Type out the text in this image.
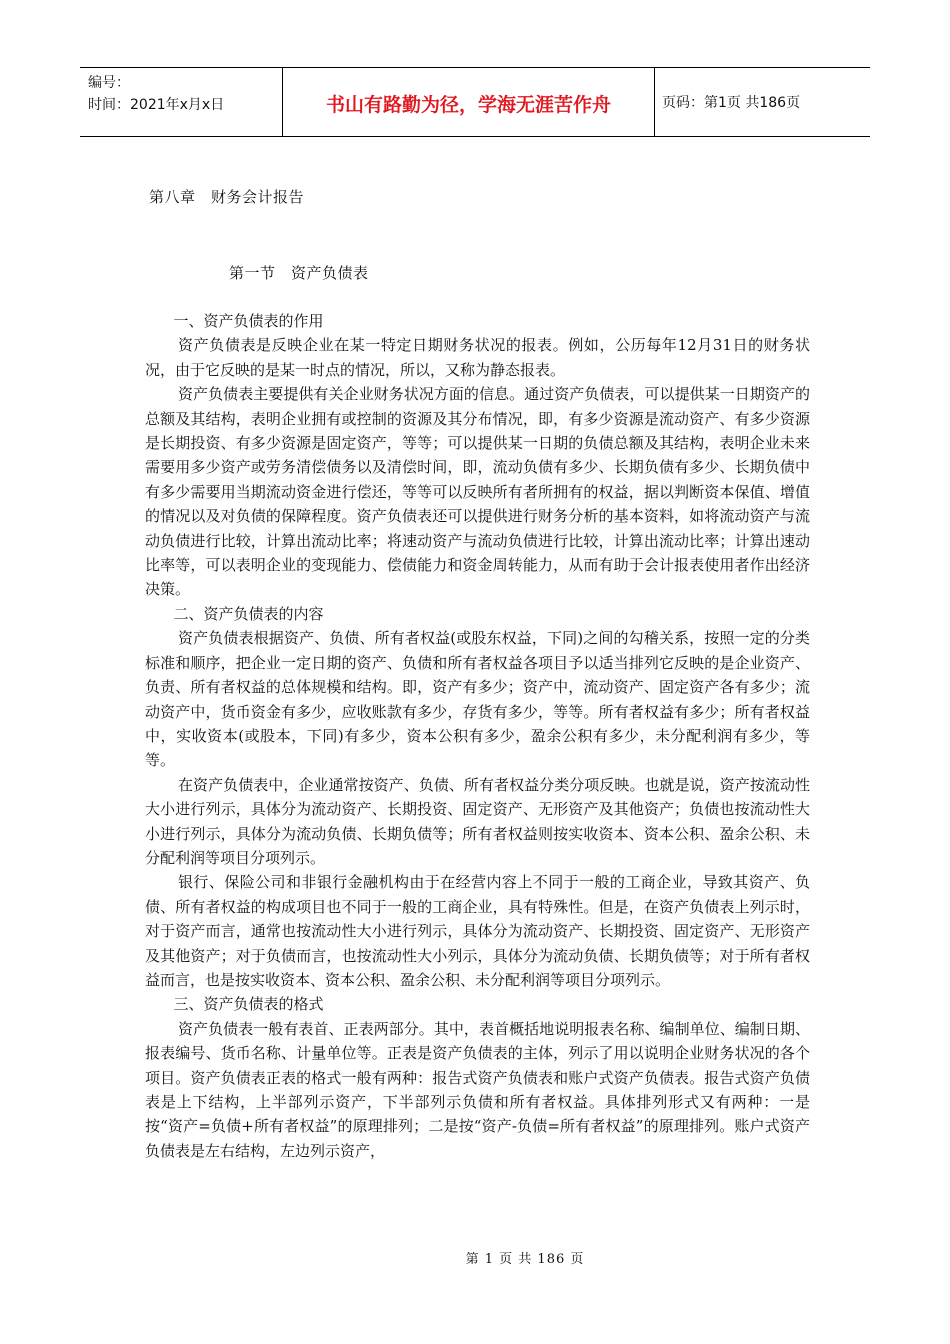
编号：
时间：2021年x月x日	书山有路勤为径，学海无涯苦作舟	页码：第1页 共186页
第八章　财务会计报告
第一节　资产负债表

一、资产负债表的作用

资产负债表是反映企业在某一特定日期财务状况的报表。例如，公历每年12月31日的财务状况，由于它反映的是某一时点的情况，所以，又称为静态报表。

资产负债表主要提供有关企业财务状况方面的信息。通过资产负债表，可以提供某一日期资产的总额及其结构，表明企业拥有或控制的资源及其分布情况，即，有多少资源是流动资产、有多少资源是长期投资、有多少资源是固定资产，等等；可以提供某一日期的负债总额及其结构，表明企业未来需要用多少资产或劳务清偿债务以及清偿时间，即，流动负债有多少、长期负债有多少、长期负债中有多少需要用当期流动资金进行偿还，等等可以反映所有者所拥有的权益，据以判断资本保值、增值的情况以及对负债的保障程度。资产负债表还可以提供进行财务分析的基本资料，如将流动资产与流动负债进行比较，计算出流动比率；将速动资产与流动负债进行比较，计算出流动比率；计算出速动比率等，可以表明企业的变现能力、偿债能力和资金周转能力，从而有助于会计报表使用者作出经济决策。

二、资产负债表的内容

资产负债表根据资产、负债、所有者权益(或股东权益，下同)之间的勾稽关系，按照一定的分类标准和顺序，把企业一定日期的资产、负债和所有者权益各项目予以适当排列它反映的是企业资产、负责、所有者权益的总体规模和结构。即，资产有多少；资产中，流动资产、固定资产各有多少；流动资产中，货币资金有多少，应收账款有多少，存货有多少，等等。所有者权益有多少；所有者权益中，实收资本(或股本，下同)有多少，资本公积有多少，盈余公积有多少，未分配利润有多少，等等。

在资产负债表中，企业通常按资产、负债、所有者权益分类分项反映。也就是说，资产按流动性大小进行列示，具体分为流动资产、长期投资、固定资产、无形资产及其他资产；负债也按流动性大小进行列示，具体分为流动负债、长期负债等；所有者权益则按实收资本、资本公积、盈余公积、未分配利润等项目分项列示。

银行、保险公司和非银行金融机构由于在经营内容上不同于一般的工商企业，导致其资产、负债、所有者权益的构成项目也不同于一般的工商企业，具有特殊性。但是，在资产负债表上列示时，对于资产而言，通常也按流动性大小进行列示，具体分为流动资产、长期投资、固定资产、无形资产及其他资产；对于负债而言，也按流动性大小列示，具体分为流动负债、长期负债等；对于所有者权益而言，也是按实收资本、资本公积、盈余公积、未分配利润等项目分项列示。

三、资产负债表的格式

资产负债表一般有表首、正表两部分。其中，表首概括地说明报表名称、编制单位、编制日期、报表编号、货币名称、计量单位等。正表是资产负债表的主体，列示了用以说明企业财务状况的各个项目。资产负债表正表的格式一般有两种：报告式资产负债表和账户式资产负债表。报告式资产负债表是上下结构，上半部列示资产，下半部列示负债和所有者权益。具体排列形式又有两种：一是按“资产=负债+所有者权益”的原理排列；二是按“资产-负债=所有者权益”的原理排列。账户式资产负债表是左右结构，左边列示资产，

第 1 页 共 186 页
